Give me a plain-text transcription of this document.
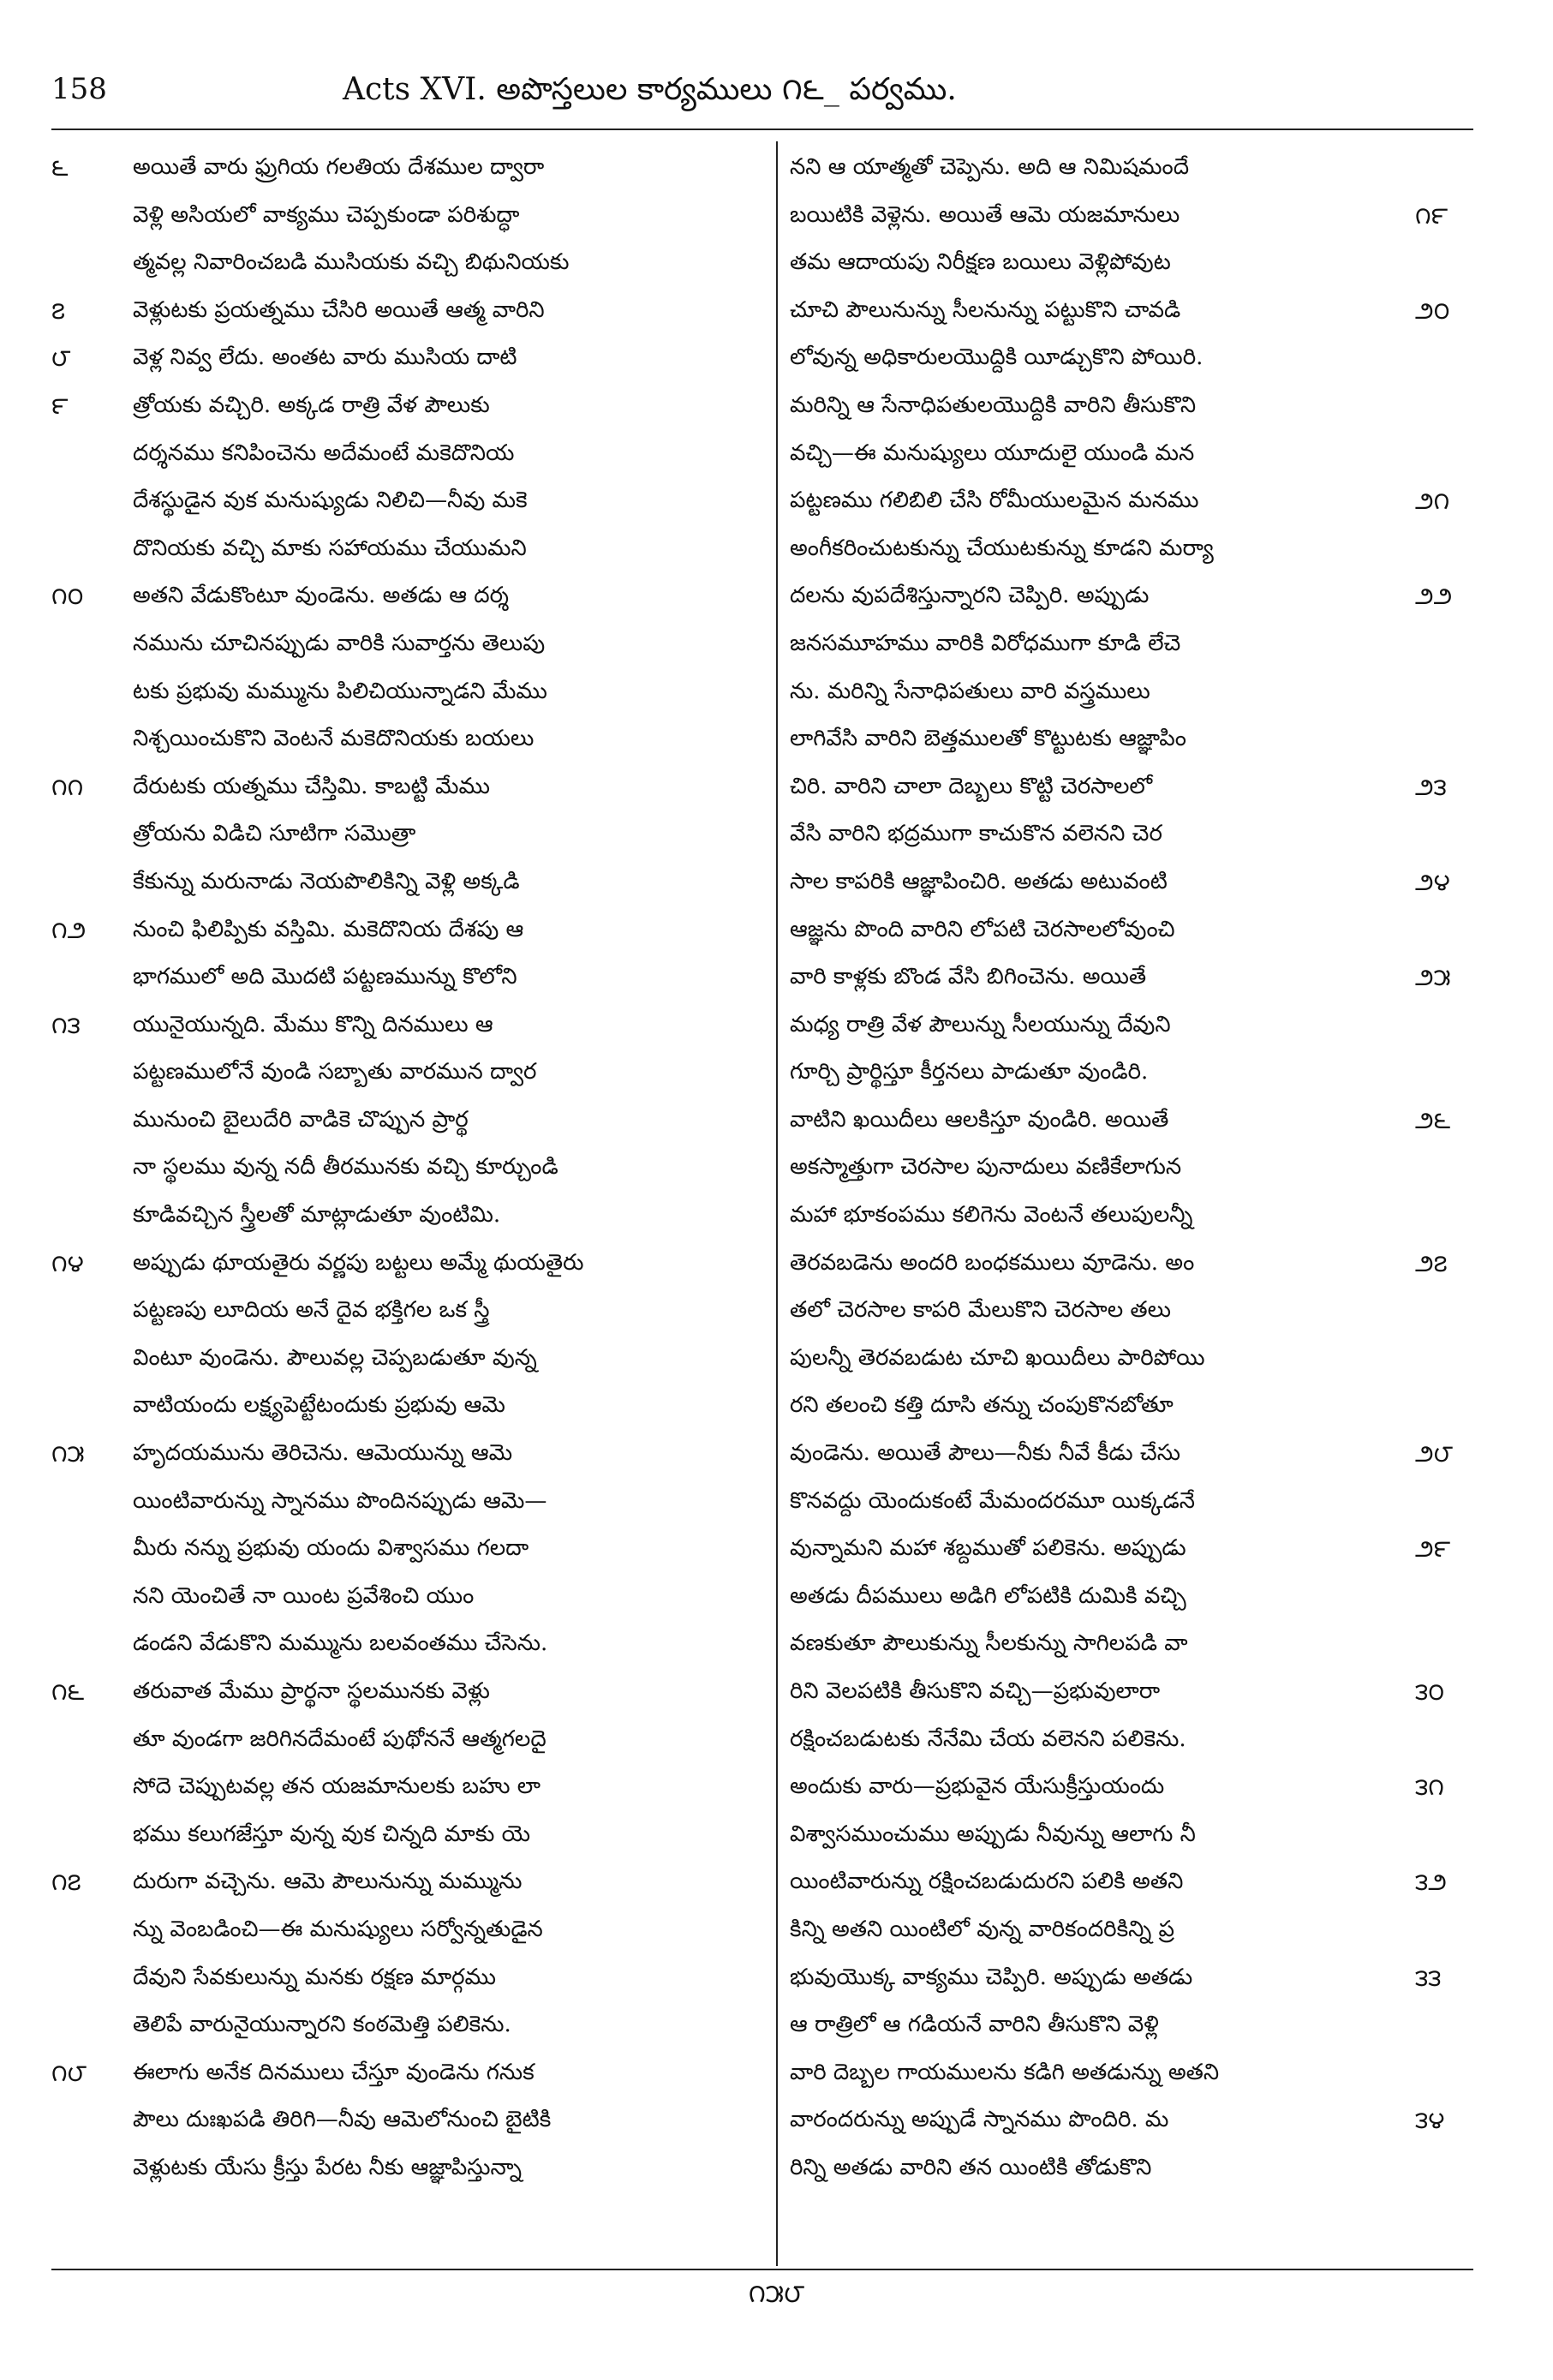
158	Acts XVI. అపొస్తలుల కార్యములు ౧౬_ పర్వము.
౬	అయితే వారు ఫ్రుగియ గలతియ దేశముల ద్వారా
వెళ్లి అసియలో వాక్యము చెప్పకుండా పరిశుద్ధా
త్మవల్ల నివారించబడి ముసియకు వచ్చి బిథునియకు
౭	వెళ్లుటకు ప్రయత్నము చేసిరి అయితే ఆత్మ వారిని
౮	వెళ్ల నివ్వ లేదు. అంతట వారు ముసియ దాటి
౯	త్రోయకు వచ్చిరి. అక్కడ రాత్రి వేళ పౌలుకు
దర్శనము కనిపించెను అదేమంటే మకెదొనియ
దేశస్థుడైన వుక మనుష్యుడు నిలిచి—నీవు మకె
దొనియకు వచ్చి మాకు సహాయము చేయుమని
౧౦	అతని వేడుకొంటూ వుండెను. అతడు ఆ దర్శ
నమును చూచినప్పుడు వారికి సువార్తను తెలుపు
టకు ప్రభువు మమ్మును పిలిచియున్నాడని మేము
నిశ్చయించుకొని వెంటనే మకెదొనియకు బయలు
౧౧	దేరుటకు యత్నము చేస్తిమి. కాబట్టి మేము
త్రోయను విడిచి సూటిగా సమొత్రా
కేకున్ను మరునాడు నెయపొలికిన్ని వెళ్లి అక్కడి
౧౨	నుంచి ఫిలిప్పికు వస్తిమి. మకెదొనియ దేశపు ఆ
భాగములో అది మొదటి పట్టణమున్ను కొలోని
౧౩	యునైయున్నది. మేము కొన్ని దినములు ఆ
పట్టణములోనే వుండి సబ్బాతు వారమున ద్వార
మునుంచి బైలుదేరి వాడికె చొప్పున ప్రార్థ
నా స్థలము వున్న నదీ తీరమునకు వచ్చి కూర్చుండి
కూడివచ్చిన స్త్రీలతో మాట్లాడుతూ వుంటిమి.
౧౪	అప్పుడు థూయతైరు వర్ణపు బట్టలు అమ్మే థుయతైరు
పట్టణపు లూదియ అనే దైవ భక్తిగల ఒక స్త్రీ
వింటూ వుండెను. పౌలువల్ల చెప్పబడుతూ వున్న
వాటియందు లక్ష్యపెట్టేటందుకు ప్రభువు ఆమె
౧౫	హృదయమును తెరిచెను. ఆమెయున్ను ఆమె
యింటివారున్ను స్నానము పొందినప్పుడు ఆమె—
మీరు నన్ను ప్రభువు యందు విశ్వాసము గలదా
నని యెంచితే నా యింట ప్రవేశించి యుం
డండని వేడుకొని మమ్మును బలవంతము చేసెను.
౧౬	తరువాత మేము ప్రార్థనా స్థలమునకు వెళ్లు
తూ వుండగా జరిగినదేమంటే పుథోననే ఆత్మగలదై
సోదె చెప్పుటవల్ల తన యజమానులకు బహు లా
భము కలుగజేస్తూ వున్న వుక చిన్నది మాకు యె
౧౭	దురుగా వచ్చెను. ఆమె పౌలునున్ను మమ్మును
న్ను వెంబడించి—ఈ మనుష్యులు సర్వోన్నతుడైన
దేవుని సేవకులున్ను మనకు రక్షణ మార్గము
తెలిపే వారునైయున్నారని కంఠమెత్తి పలికెను.
౧౮	ఈలాగు అనేక దినములు చేస్తూ వుండెను గనుక
పౌలు దుఃఖపడి తిరిగి—నీవు ఆమెలోనుంచి బైటికి
వెళ్లుటకు యేసు క్రీస్తు పేరట నీకు ఆజ్ఞాపిస్తున్నా
నని ఆ యాత్మతో చెప్పెను. అది ఆ నిమిషమందే
౧౯
బయిటికి వెళ్లెను. అయితే ఆమె యజమానులు
తమ ఆదాయపు నిరీక్షణ బయిలు వెళ్లిపోవుట
౨౦
చూచి పౌలునున్ను సీలనున్ను పట్టుకొని చావడి
లోవున్న అధికారులయొద్దికి యీడ్చుకొని పోయిరి.
మరిన్ని ఆ సేనాధిపతులయొద్దికి వారిని తీసుకొని
వచ్చి—ఈ మనుష్యులు యూదులై యుండి మన
౨౧
పట్టణము గలిబిలి చేసి రోమీయులమైన మనము
అంగీకరించుటకున్ను చేయుటకున్ను కూడని మర్యా
౨౨
దలను వుపదేశిస్తున్నారని చెప్పిరి. అప్పుడు
జనసమూహము వారికి విరోధముగా కూడి లేచె
ను. మరిన్ని సేనాధిపతులు వారి వస్త్రములు
లాగివేసి వారిని బెత్తములతో కొట్టుటకు ఆజ్ఞాపిం
౨౩
చిరి. వారిని చాలా దెబ్బలు కొట్టి చెరసాలలో
వేసి వారిని భద్రముగా కాచుకొన వలెనని చెర
౨౪
సాల కాపరికి ఆజ్ఞాపించిరి. అతడు అటువంటి
ఆజ్ఞను పొంది వారిని లోపటి చెరసాలలోవుంచి
౨౫
వారి కాళ్లకు బొండ వేసి బిగించెను. అయితే
మధ్య రాత్రి వేళ పౌలున్ను సీలయున్ను దేవుని
గూర్చి ప్రార్థిస్తూ కీర్తనలు పాడుతూ వుండిరి.
౨౬
వాటిని ఖయిదీలు ఆలకిస్తూ వుండిరి. అయితే
అకస్మాత్తుగా చెరసాల పునాదులు వణికేలాగున
మహా భూకంపము కలిగెను వెంటనే తలుపులన్నీ
౨౭
తెరవబడెను అందరి బంధకములు వూడెను. అం
తలో చెరసాల కాపరి మేలుకొని చెరసాల తలు
పులన్నీ తెరవబడుట చూచి ఖయిదీలు పారిపోయి
రని తలంచి కత్తి దూసి తన్ను చంపుకొనబోతూ
౨౮
వుండెను. అయితే పౌలు—నీకు నీవే కీడు చేసు
కొనవద్దు యెందుకంటే మేమందరమూ యిక్కడనే
౨౯
వున్నామని మహా శబ్దముతో పలికెను. అప్పుడు
అతడు దీపములు అడిగి లోపటికి దుమికి వచ్చి
వణకుతూ పౌలుకున్ను సీలకున్ను సాగిలపడి వా
౩౦
రిని వెలపటికి తీసుకొని వచ్చి—ప్రభువులారా
రక్షించబడుటకు నేనేమి చేయ వలెనని పలికెను.
౩౧
అందుకు వారు—ప్రభువైన యేసుక్రీస్తుయందు
విశ్వాసముంచుము అప్పుడు నీవున్ను ఆలాగు నీ
౩౨
యింటివారున్ను రక్షించబడుదురని పలికి అతని
కిన్ని అతని యింటిలో వున్న వారికందరికిన్ని ప్ర
౩౩
భువుయొక్క వాక్యము చెప్పిరి. అప్పుడు అతడు
ఆ రాత్రిలో ఆ గడియనే వారిని తీసుకొని వెళ్లి
వారి దెబ్బల గాయములను కడిగి అతడున్ను అతని
౩౪
వారందరున్ను అప్పుడే స్నానము పొందిరి. మ
రిన్ని అతడు వారిని తన యింటికి తోడుకొని
౧౫౮
